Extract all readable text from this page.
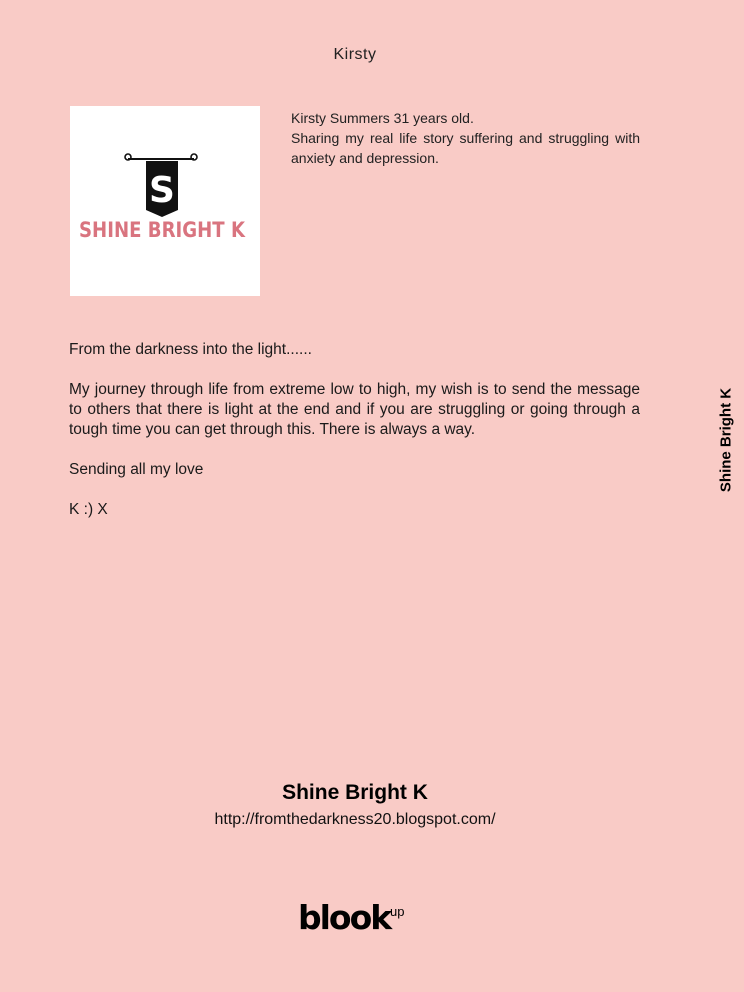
Kirsty
S
SHINE BRIGHT K

Kirsty Summers 31 years old.

Sharing my real life story suffering and struggling with anxiety and depression.

From the darkness into the light......

My journey through life from extreme low to high, my wish is to send the message to others that there is light at the end and if you are struggling or going through a tough time you can get through this. There is always a way.

Sending all my love

K :) X

Shine Bright K
Shine Bright K
http://fromthedarkness20.blogspot.com/
blook up
